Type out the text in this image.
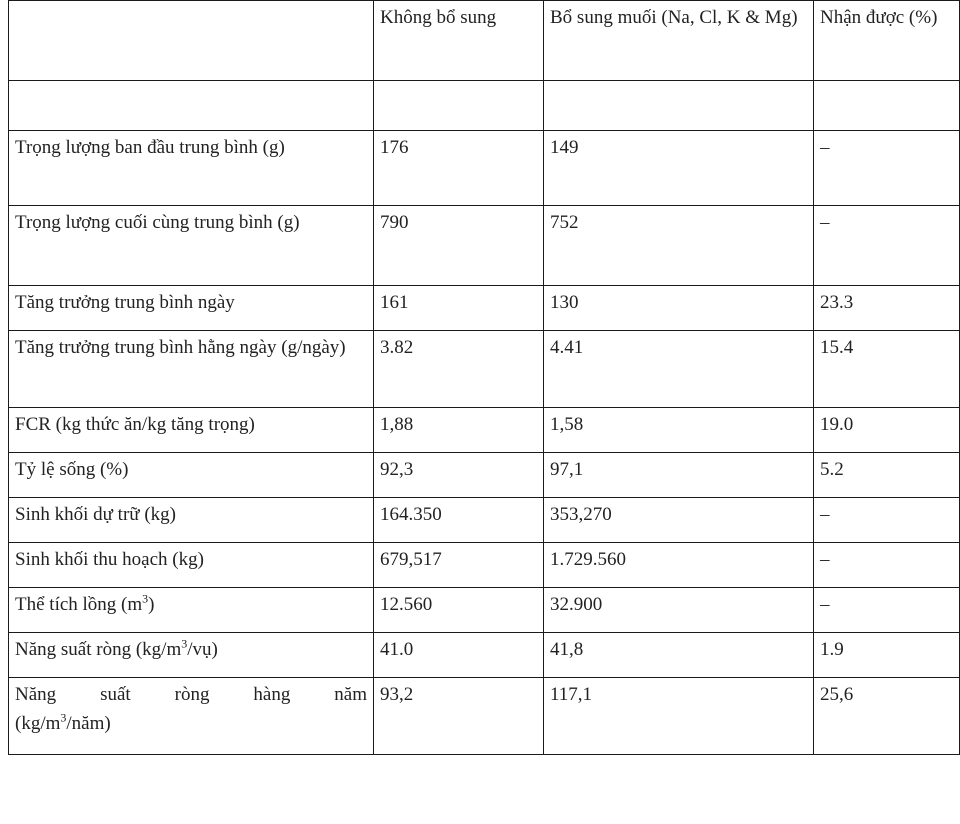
	Không bổ sung	Bổ sung muối (Na, Cl, K & Mg)	Nhận được (%)

Trọng lượng ban đầu trung bình (g)	176	149	–
Trọng lượng cuối cùng trung bình (g)	790	752	–
Tăng trưởng trung bình ngày	161	130	23.3
Tăng trưởng trung bình hằng ngày (g/ngày)	3.82	4.41	15.4
FCR (kg thức ăn/kg tăng trọng)	1,88	1,58	19.0
Tỷ lệ sống (%)	92,3	97,1	5.2
Sinh khối dự trữ (kg)	164.350	353,270	–
Sinh khối thu hoạch (kg)	679,517	1.729.560	–
Thể tích lồng $(m^3)$	12.560	32.900	–
Năng suất ròng $(kg/m^3/vụ)$	41.0	41,8	1.9

Năng suất ròng hàng năm
$(kg/m^3/năm)$	93,2	117,1	25,6
